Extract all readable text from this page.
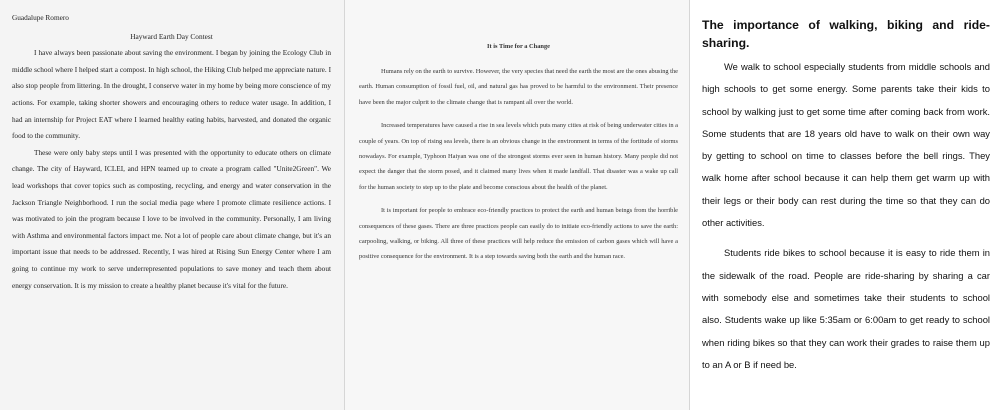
Guadalupe Romero

Hayward Earth Day Contest

I have always been passionate about saving the environment. I began by joining the Ecology Club in middle school where I helped start a compost. In high school, the Hiking Club helped me appreciate nature. I also stop people from littering. In the drought, I conserve water in my home by being more conscience of my actions. For example, taking shorter showers and encouraging others to reduce water usage. In addition, I had an internship for Project EAT where I learned healthy eating habits, harvested, and donated the organic food to the community.

These were only baby steps until I was presented with the opportunity to educate others on climate change. The city of Hayward, ICLEI, and HPN teamed up to create a program called "Unite2Green". We lead workshops that cover topics such as composting, recycling, and energy and water conservation in the Jackson Triangle Neighborhood. I run the social media page where I promote climate resilience actions. I was motivated to join the program because I love to be involved in the community. Personally, I am living with Asthma and environmental factors impact me. Not a lot of people care about climate change, but it's an important issue that needs to be addressed. Recently, I was hired at Rising Sun Energy Center where I am going to continue my work to serve underrepresented populations to save money and teach them about energy conservation. It is my mission to create a healthy planet because it's vital for the future.

It is Time for a Change

Humans rely on the earth to survive. However, the very species that need the earth the most are the ones abusing the earth. Human consumption of fossil fuel, oil, and natural gas has proved to be harmful to the environment. Their presence have been the major culprit to the climate change that is rampant all over the world.

Increased temperatures have caused a rise in sea levels which puts many cities at risk of being underwater cities in a couple of years. On top of rising sea levels, there is an obvious change in the environment in terms of the fortitude of storms nowadays. For example, Typhoon Haiyan was one of the strongest storms ever seen in human history. Many people did not expect the danger that the storm posed, and it claimed many lives when it made landfall. That disaster was a wake up call for the human society to step up to the plate and become conscious about the health of the planet.

It is important for people to embrace eco-friendly practices to protect the earth and human beings from the horrible consequences of these gases. There are three practices people can easily do to initiate eco-friendly actions to save the earth: carpooling, walking, or biking. All three of these practices will help reduce the emission of carbon gases which will have a positive consequence for the environment. It is a step towards saving both the earth and the human race.

The importance of walking, biking and ride-sharing.

We walk to school especially students from middle schools and high schools to get some energy. Some parents take their kids to school by walking just to get some time after coming back from work. Some students that are 18 years old have to walk on their own way by getting to school on time to classes before the bell rings. They walk home after school because it can help them get warm up with their legs or their body can rest during the time so that they can do other activities.

Students ride bikes to school because it is easy to ride them in the sidewalk of the road. People are ride-sharing by sharing a car with somebody else and sometimes take their students to school also. Students wake up like 5:35am or 6:00am to get ready to school when riding bikes so that they can work their grades to raise them up to an A or B if need be.
